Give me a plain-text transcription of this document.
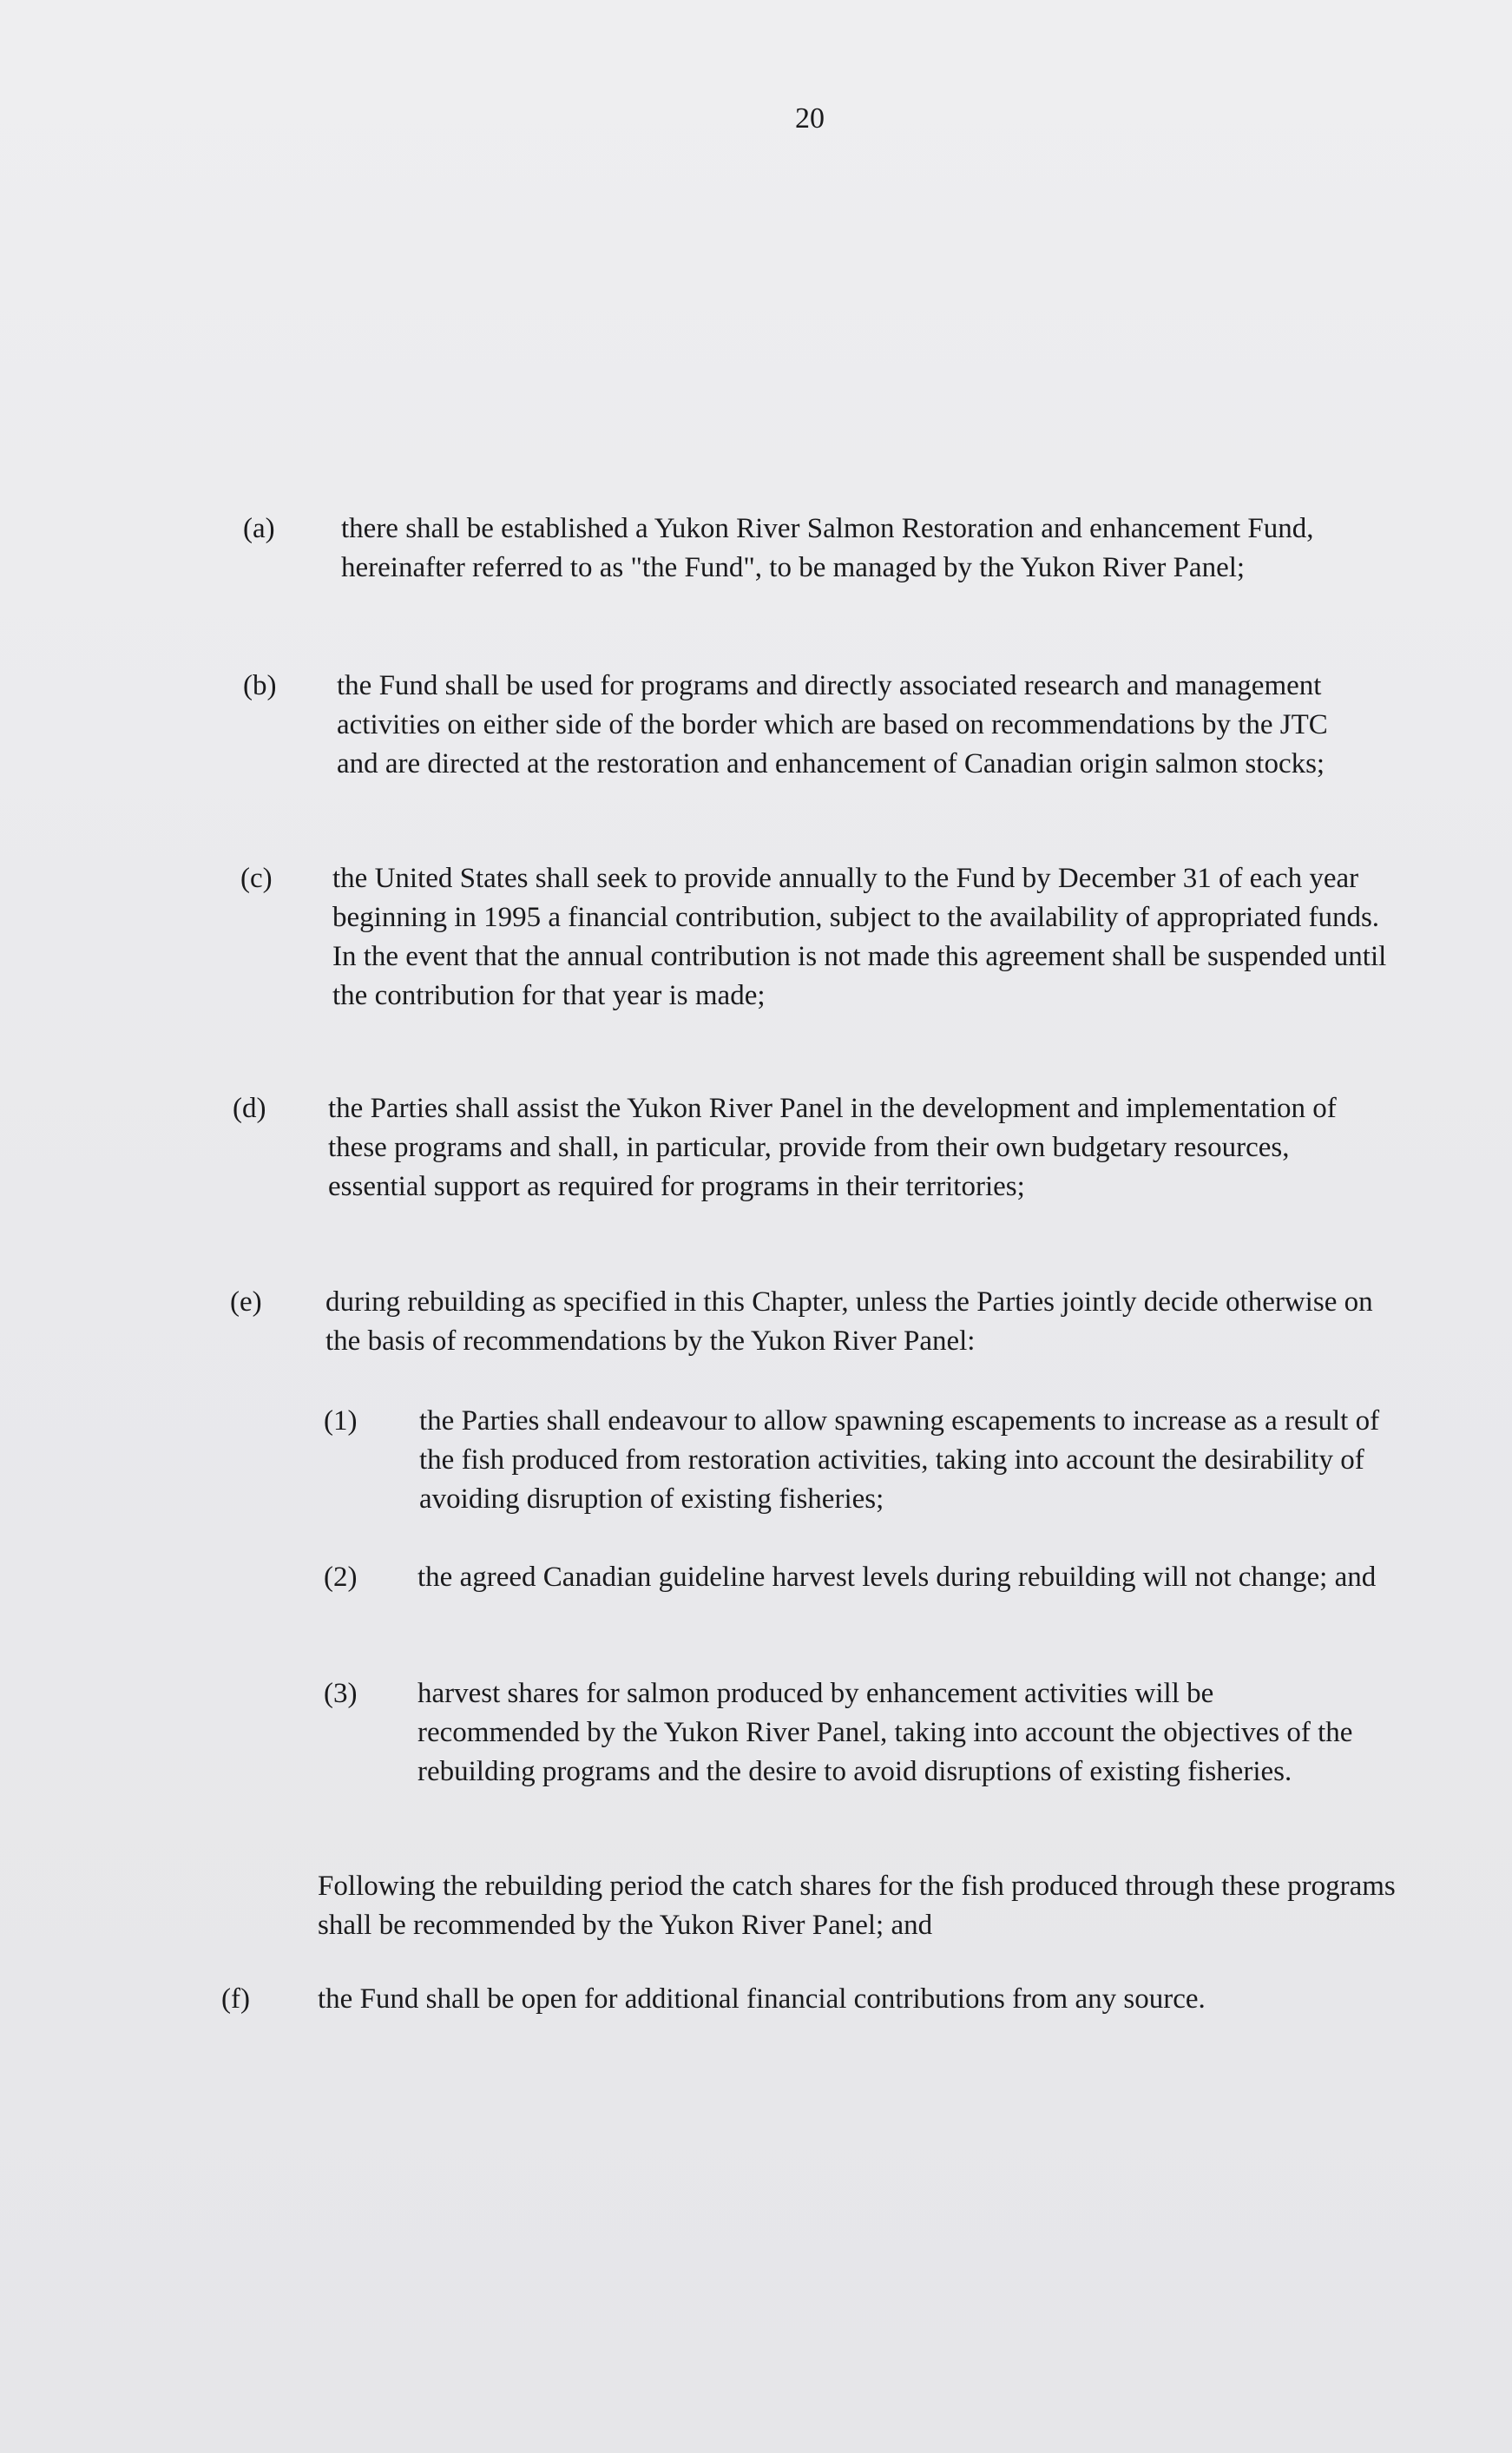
20
(a)	there shall be established a Yukon River Salmon Restoration and enhancement Fund, hereinafter referred to as "the Fund", to be managed by the Yukon River Panel;
(b)	the Fund shall be used for programs and directly associated research and management activities on either side of the border which are based on recommendations by the JTC and are directed at the restoration and enhancement of Canadian origin salmon stocks;
(c)	the United States shall seek to provide annually to the Fund by December 31 of each year beginning in 1995 a financial contribution, subject to the availability of appropriated funds. In the event that the annual contribution is not made this agreement shall be suspended until the contribution for that year is made;
(d)	the Parties shall assist the Yukon River Panel in the development and implementation of these programs and shall, in particular, provide from their own budgetary resources, essential support as required for programs in their territories;
(e)	during rebuilding as specified in this Chapter, unless the Parties jointly decide otherwise on the basis of recommendations by the Yukon River Panel:
(1)	the Parties shall endeavour to allow spawning escapements to increase as a result of the fish produced from restoration activities, taking into account the desirability of avoiding disruption of existing fisheries;
(2)	the agreed Canadian guideline harvest levels during rebuilding will not change; and
(3)	harvest shares for salmon produced by enhancement activities will be recommended by the Yukon River Panel, taking into account the objectives of the rebuilding programs and the desire to avoid disruptions of existing fisheries.
Following the rebuilding period the catch shares for the fish produced through these programs shall be recommended by the Yukon River Panel; and
(f)	the Fund shall be open for additional financial contributions from any source.
